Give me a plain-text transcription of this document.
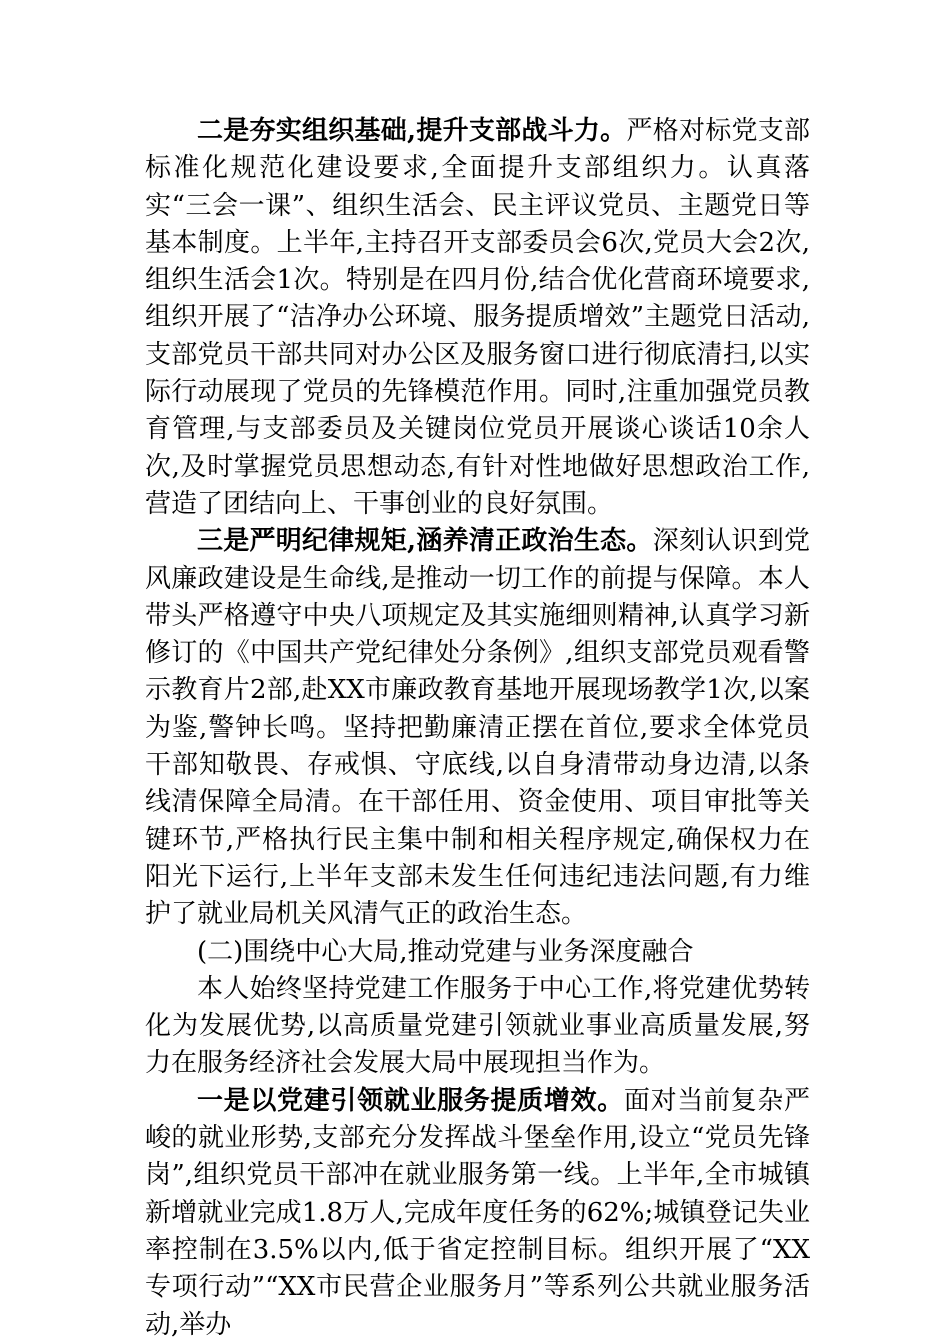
二是夯实组织基础,提升支部战斗力。严格对标党支部标准化规范化建设要求,全面提升支部组织力。认真落实“三会一课”、组织生活会、民主评议党员、主题党日等基本制度。上半年,主持召开支部委员会6次,党员大会2次,组织生活会1次。特别是在四月份,结合优化营商环境要求,组织开展了“洁净办公环境、服务提质增效”主题党日活动,支部党员干部共同对办公区及服务窗口进行彻底清扫,以实际行动展现了党员的先锋模范作用。同时,注重加强党员教育管理,与支部委员及关键岗位党员开展谈心谈话10余人次,及时掌握党员思想动态,有针对性地做好思想政治工作,营造了团结向上、干事创业的良好氛围。

三是严明纪律规矩,涵养清正政治生态。深刻认识到党风廉政建设是生命线,是推动一切工作的前提与保障。本人带头严格遵守中央八项规定及其实施细则精神,认真学习新修订的《中国共产党纪律处分条例》,组织支部党员观看警示教育片2部,赴XX市廉政教育基地开展现场教学1次,以案为鉴,警钟长鸣。坚持把勤廉清正摆在首位,要求全体党员干部知敬畏、存戒惧、守底线,以自身清带动身边清,以条线清保障全局清。在干部任用、资金使用、项目审批等关键环节,严格执行民主集中制和相关程序规定,确保权力在阳光下运行,上半年支部未发生任何违纪违法问题,有力维护了就业局机关风清气正的政治生态。

(二)围绕中心大局,推动党建与业务深度融合

本人始终坚持党建工作服务于中心工作,将党建优势转化为发展优势,以高质量党建引领就业事业高质量发展,努力在服务经济社会发展大局中展现担当作为。

一是以党建引领就业服务提质增效。面对当前复杂严峻的就业形势,支部充分发挥战斗堡垒作用,设立“党员先锋岗”,组织党员干部冲在就业服务第一线。上半年,全市城镇新增就业完成1.8万人,完成年度任务的62%;城镇登记失业率控制在3.5%以内,低于省定控制目标。组织开展了“XX专项行动”“XX市民营企业服务月”等系列公共就业服务活动,举办
